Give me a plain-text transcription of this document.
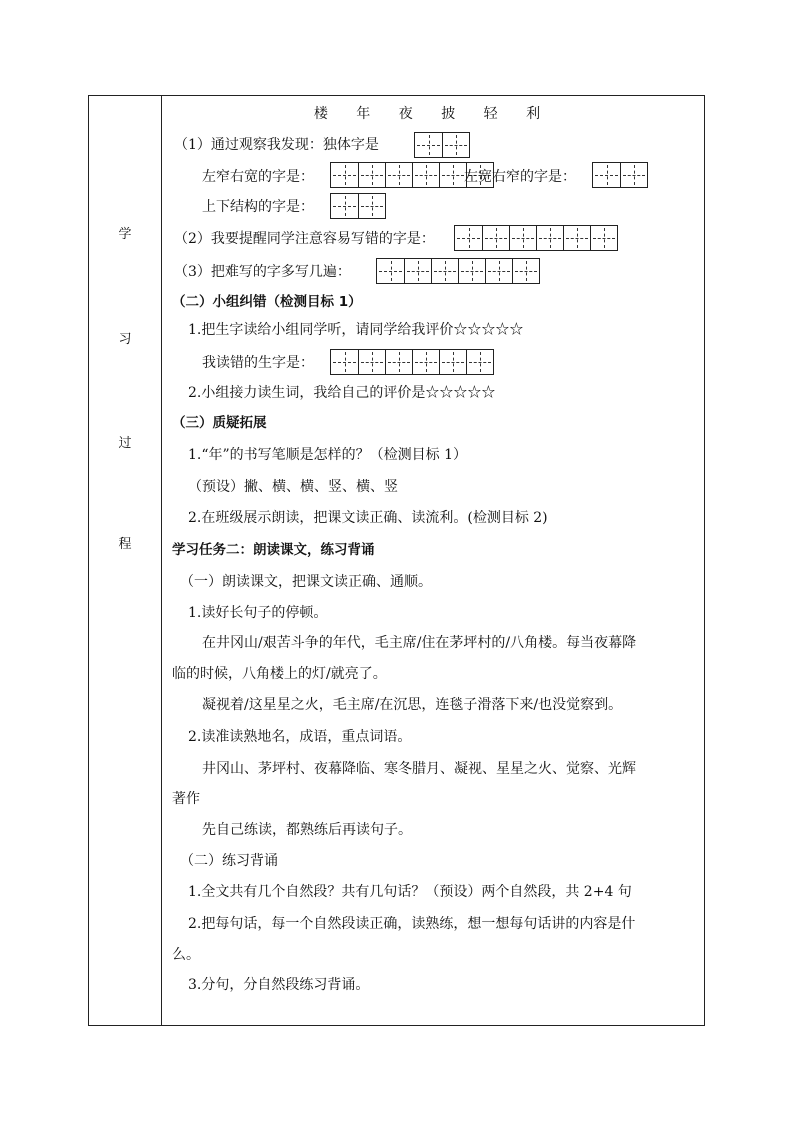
学
习
过
程
楼 年 夜 披 轻 利
（1）通过观察我发现：独体字是
左窄右宽的字是：	左宽右窄的字是：
上下结构的字是：
（2）我要提醒同学注意容易写错的字是：
（3）把难写的字多写几遍：
（二）小组纠错（检测目标 1）
1.把生字读给小组同学听，请同学给我评价☆☆☆☆☆
我读错的生字是：
2.小组接力读生词，我给自己的评价是☆☆☆☆☆
（三）质疑拓展
1.“年”的书写笔顺是怎样的？（检测目标 1）
（预设）撇、横、横、竖、横、竖
2.在班级展示朗读，把课文读正确、读流利。(检测目标 2)
学习任务二：朗读课文，练习背诵
（一）朗读课文，把课文读正确、通顺。
1.读好长句子的停顿。
在井冈山/艰苦斗争的年代，毛主席/住在茅坪村的/八角楼。每当夜幕降
临的时候，八角楼上的灯/就亮了。
凝视着/这星星之火，毛主席/在沉思，连毯子滑落下来/也没觉察到。
2.读准读熟地名，成语，重点词语。
井冈山、茅坪村、夜幕降临、寒冬腊月、凝视、星星之火、觉察、光辉
著作
先自己练读，都熟练后再读句子。
（二）练习背诵
1.全文共有几个自然段？共有几句话？（预设）两个自然段，共 2+4 句
2.把每句话，每一个自然段读正确，读熟练，想一想每句话讲的内容是什
么。
3.分句，分自然段练习背诵。
